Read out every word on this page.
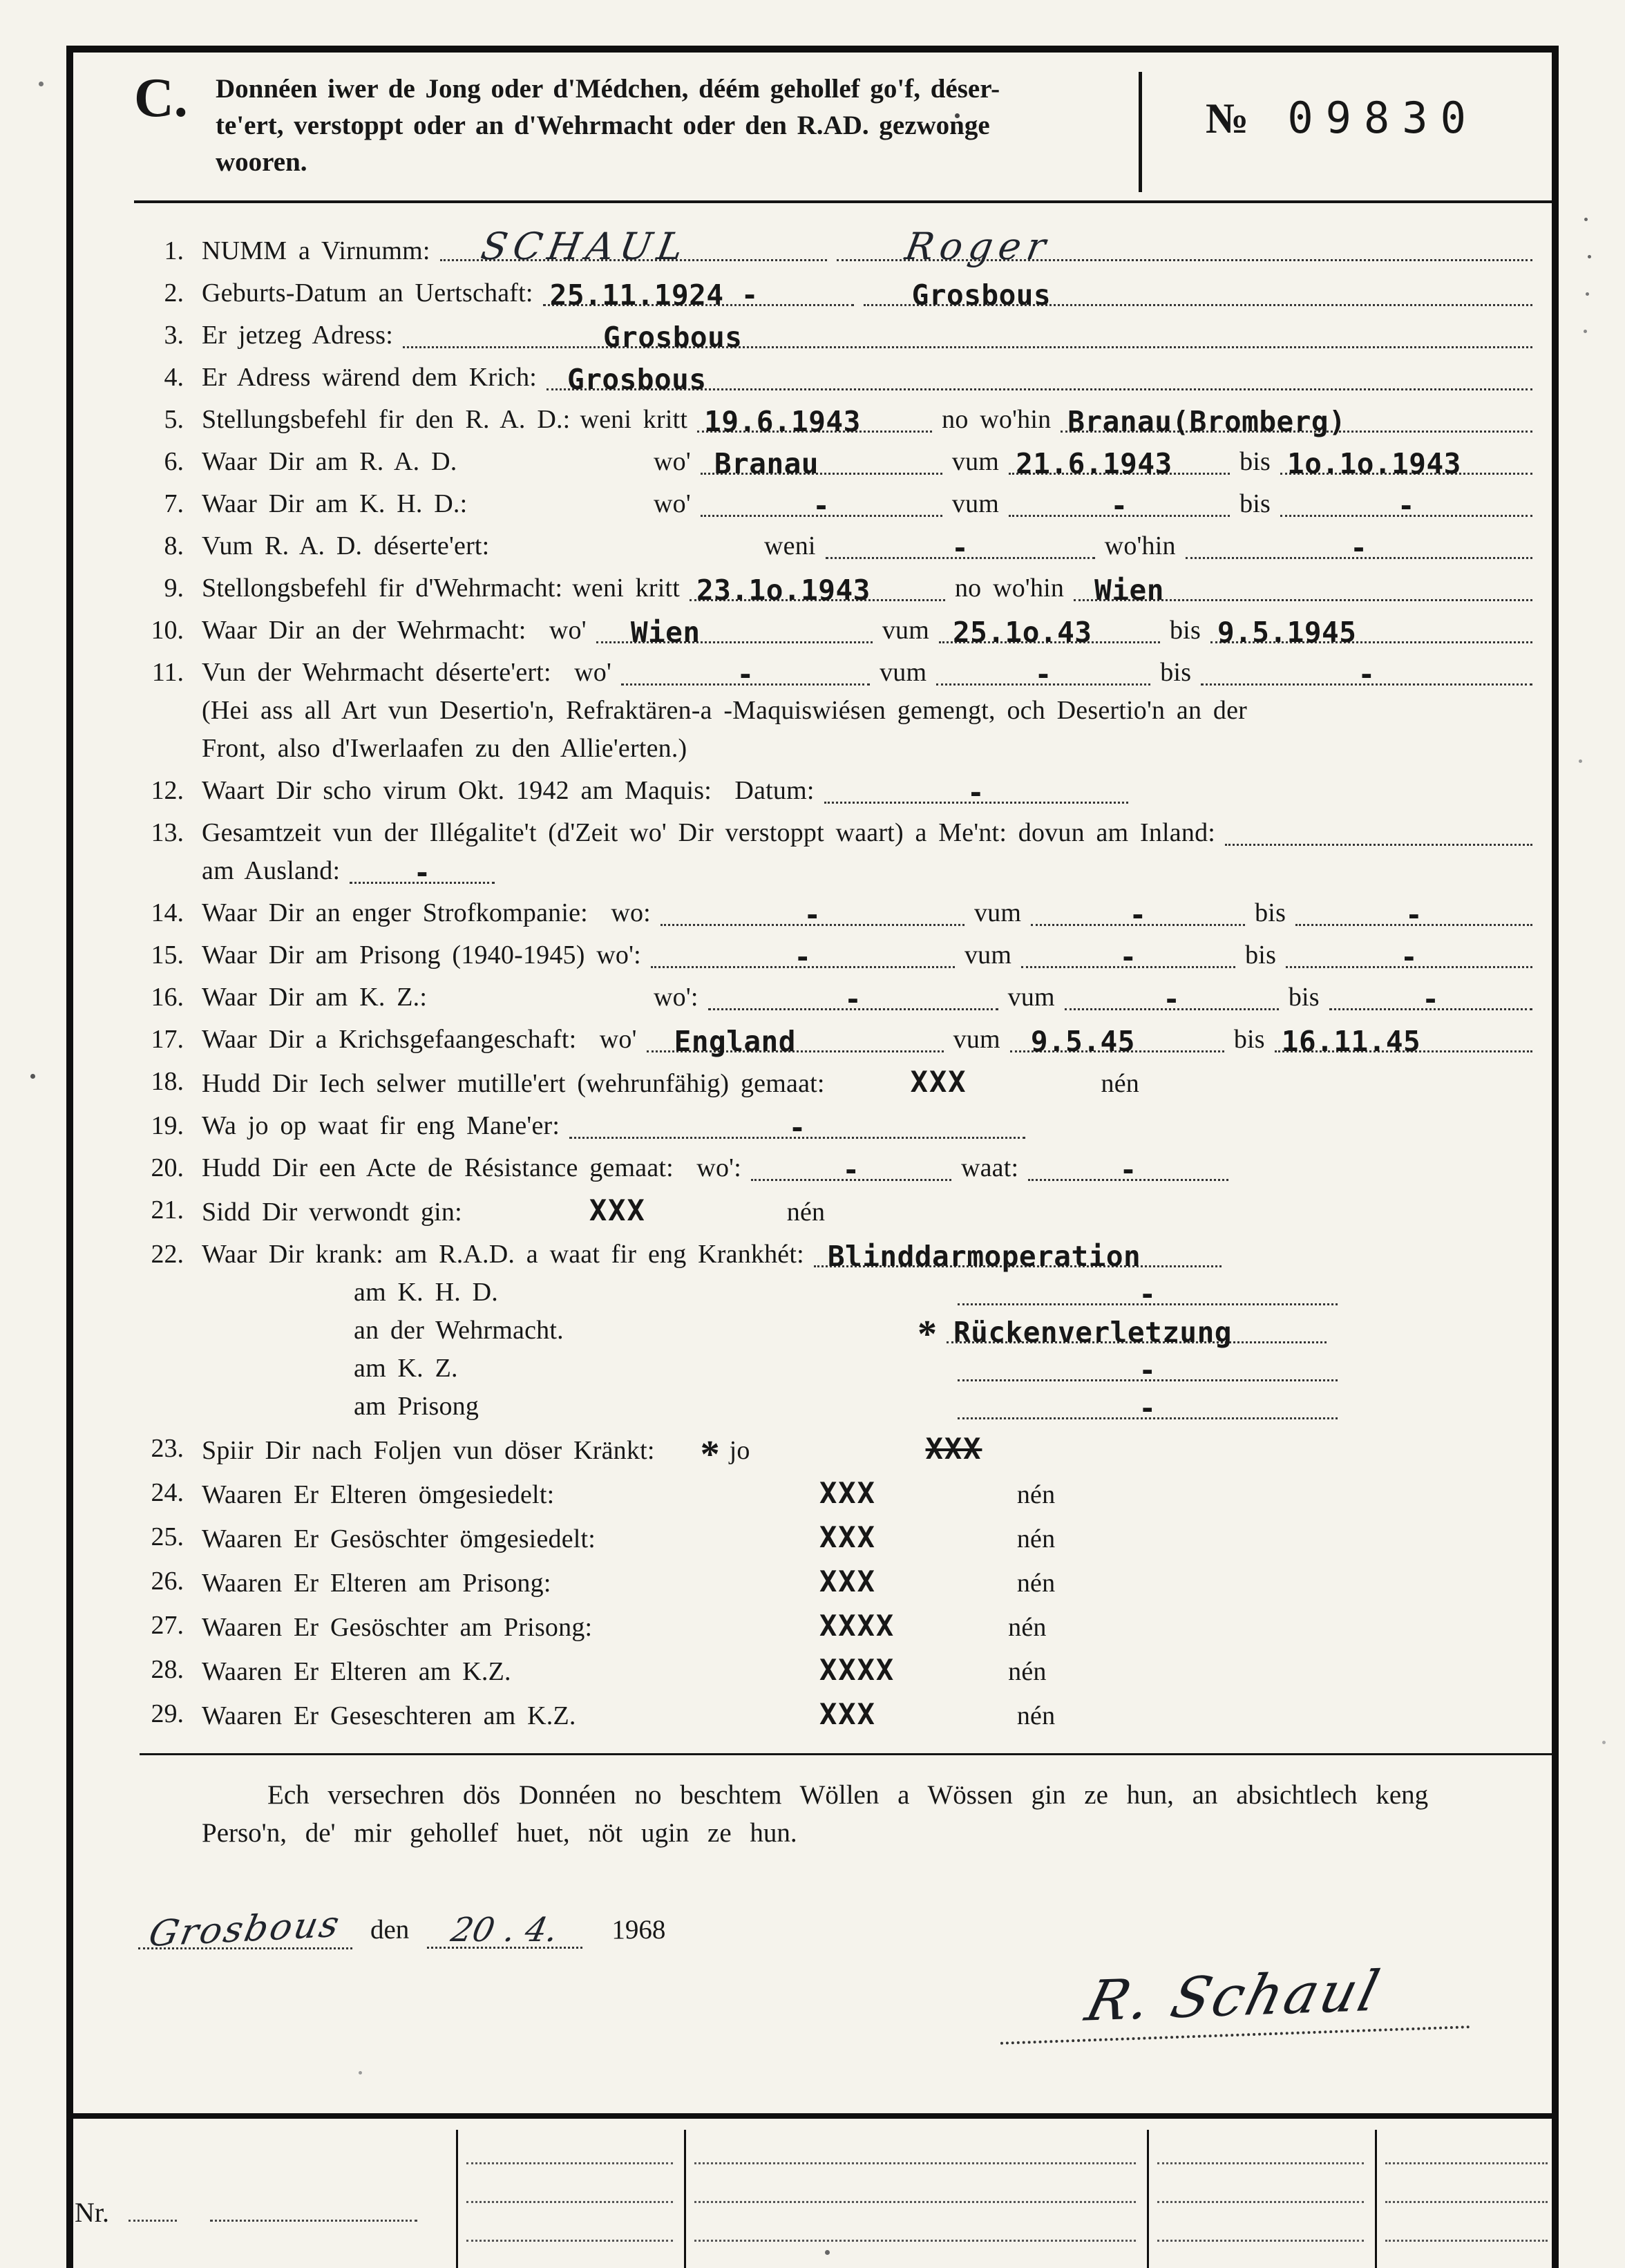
C.	Donnéen iwer de Jong oder d'Médchen, déém gehollef go'f, déser-
te'ert, verstoppt oder an d'Wehrmacht oder den R.AD. gezwonge
wooren.
№ 09830
1. NUMM a Virnumm: SCHAUL	Roger
2. Geburts-Datum an Uertschaft: 25.11.1924 -	Grosbous
3. Er jetzeg Adress:	Grosbous
4. Er Adress wärend dem Krich: Grosbous
5. Stellungsbefehl fir den R. A. D.: weni kritt 19.6.1943	no wo'hin Branau(Bromberg)
6. Waar Dir am R. A. D.	wo' Branau	vum 21.6.1943	bis 1o.1o.1943
7. Waar Dir am K. H. D.:	wo'	-	vum	-	bis	-
8. Vum R. A. D. déserte'ert:	weni	-	wo'hin	-
9. Stellongsbefehl fir d'Wehrmacht: weni kritt 23.1o.1943	no wo'hin Wien
10. Waar Dir an der Wehrmacht:  wo' Wien	vum 25.1o.43	bis 9.5.1945
11. Vun der Wehrmacht déserte'ert:  wo'	-	vum	-	bis	-
(Hei ass all Art vun Desertio'n, Refraktären-a -Maquiswiésen gemengt, och Desertio'n an der
Front, also d'Iwerlaafen zu den Allie'erten.)
12. Waart Dir scho virum Okt. 1942 am Maquis:  Datum:	-
13. Gesamtzeit vun der Illégalite't (d'Zeit wo' Dir verstoppt waart) a Me'nt: dovun am Inland:

am Ausland:	-
14. Waar Dir an enger Strofkompanie:  wo:	-	vum	-	bis	-
15. Waar Dir am Prisong (1940-1945) wo':	-	vum	-	bis	-
16. Waar Dir am K. Z.:	wo':	-	vum	-	bis	-
17. Waar Dir a Krichsgefaangeschaft:  wo' England	vum 9.5.45	bis 16.11.45
18. Hudd Dir Iech selwer mutille'ert (wehrunfähig) gemaat:	XXX	nén
19. Wa jo op waat fir eng Mane'er:	-
20. Hudd Dir een Acte de Résistance gemaat:  wo':	-	waat:	-
21. Sidd Dir verwondt gin:	XXX	nén
22. Waar Dir krank: am R.A.D. a waat fir eng Krankhét: Blinddarmoperation
am K. H. D.	-
an der Wehrmacht.	* Rückenverletzung
am K. Z.	-
am Prisong	-
23. Spiir Dir nach Foljen vun döser Kränkt: * jo	XXX
24. Waaren Er Elteren ömgesiedelt:	XXX	nén
25. Waaren Er Gesöschter ömgesiedelt:	XXX	nén
26. Waaren Er Elteren am Prisong:	XXX	nén
27. Waaren Er Gesöschter am Prisong:	XXXX	nén
28. Waaren Er Elteren am K.Z.	XXXX	nén
29. Waaren Er Geseschteren am K.Z.	XXX	nén
Ech versechren dös Donnéen no beschtem Wöllen a Wössen gin ze hun, an absichtlech keng
Perso'n, de' mir gehollef huet, nöt ugin ze hun.
Grosbous den	20 . 4.	1968
R. Schaul
Nr.
